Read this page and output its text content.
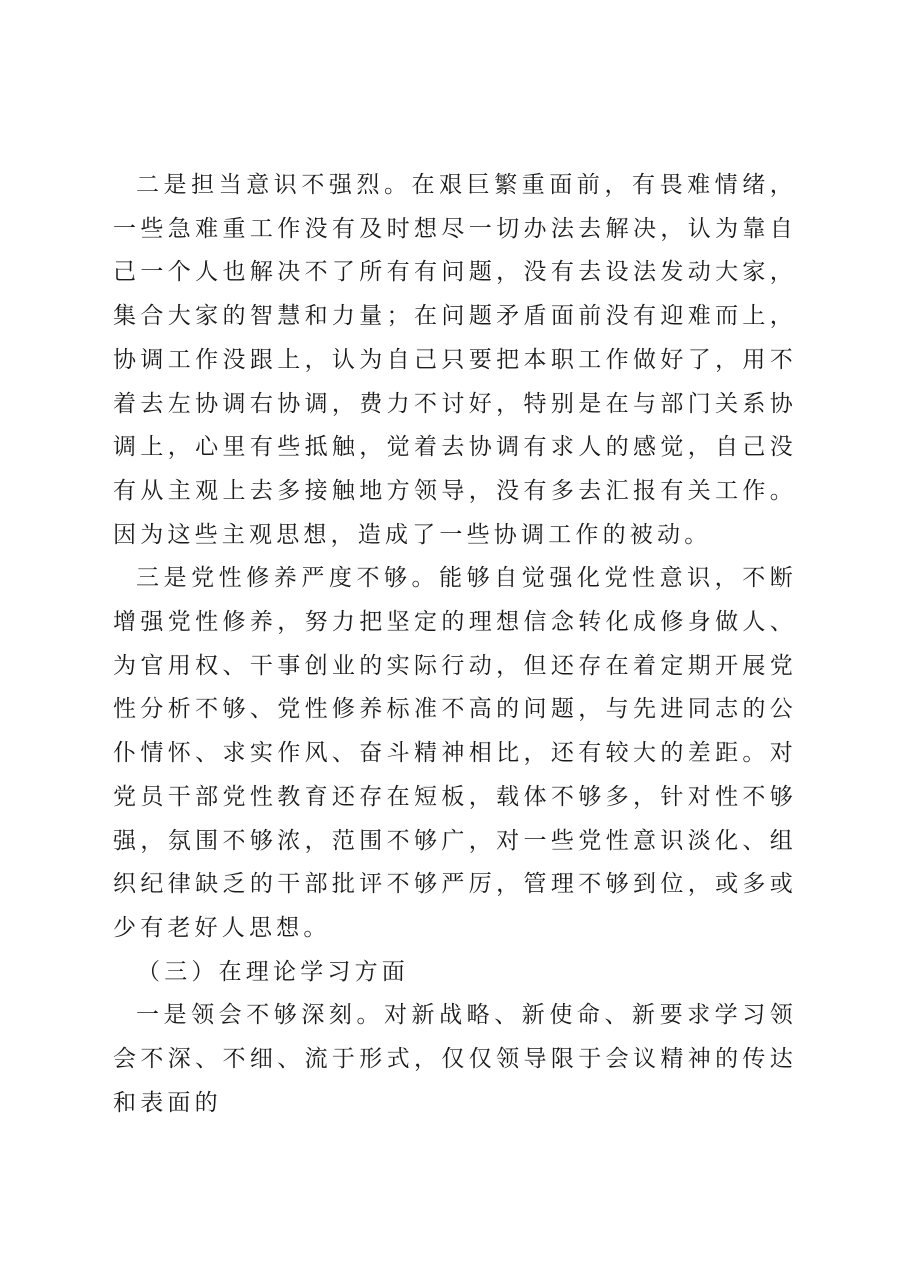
二是担当意识不强烈。在艰巨繁重面前，有畏难情绪，一些急难重工作没有及时想尽一切办法去解决，认为靠自己一个人也解决不了所有有问题，没有去设法发动大家，集合大家的智慧和力量；在问题矛盾面前没有迎难而上，协调工作没跟上，认为自己只要把本职工作做好了，用不着去左协调右协调，费力不讨好，特别是在与部门关系协调上，心里有些抵触，觉着去协调有求人的感觉，自己没有从主观上去多接触地方领导，没有多去汇报有关工作。因为这些主观思想，造成了一些协调工作的被动。

三是党性修养严度不够。能够自觉强化党性意识，不断增强党性修养，努力把坚定的理想信念转化成修身做人、为官用权、干事创业的实际行动，但还存在着定期开展党性分析不够、党性修养标准不高的问题，与先进同志的公仆情怀、求实作风、奋斗精神相比，还有较大的差距。对党员干部党性教育还存在短板，载体不够多，针对性不够强，氛围不够浓，范围不够广，对一些党性意识淡化、组织纪律缺乏的干部批评不够严厉，管理不够到位，或多或少有老好人思想。

（三）在理论学习方面

一是领会不够深刻。对新战略、新使命、新要求学习领会不深、不细、流于形式，仅仅领导限于会议精神的传达和表面的
